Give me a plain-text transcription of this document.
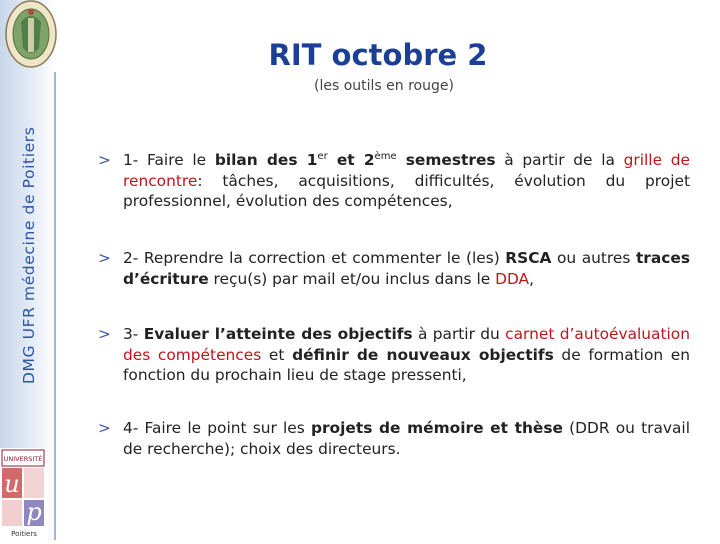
DMG UFR médecine de Poitiers
UNIVERSITÉ
u
p
Poitiers
RIT octobre 2
(les outils en rouge)
> 1- Faire le bilan des 1er et 2ème semestres à partir de la grille de rencontre: tâches, acquisitions, difficultés, évolution du projet professionnel, évolution des compétences,
> 2- Reprendre la correction et commenter le (les) RSCA ou autres traces d’écriture reçu(s) par mail et/ou inclus dans le DDA,
> 3- Evaluer l’atteinte des objectifs à partir du carnet d’autoévaluation des compétences et définir de nouveaux objectifs de formation en fonction du prochain lieu de stage pressenti,
> 4- Faire le point sur les projets de mémoire et thèse (DDR ou travail de recherche); choix des directeurs.
